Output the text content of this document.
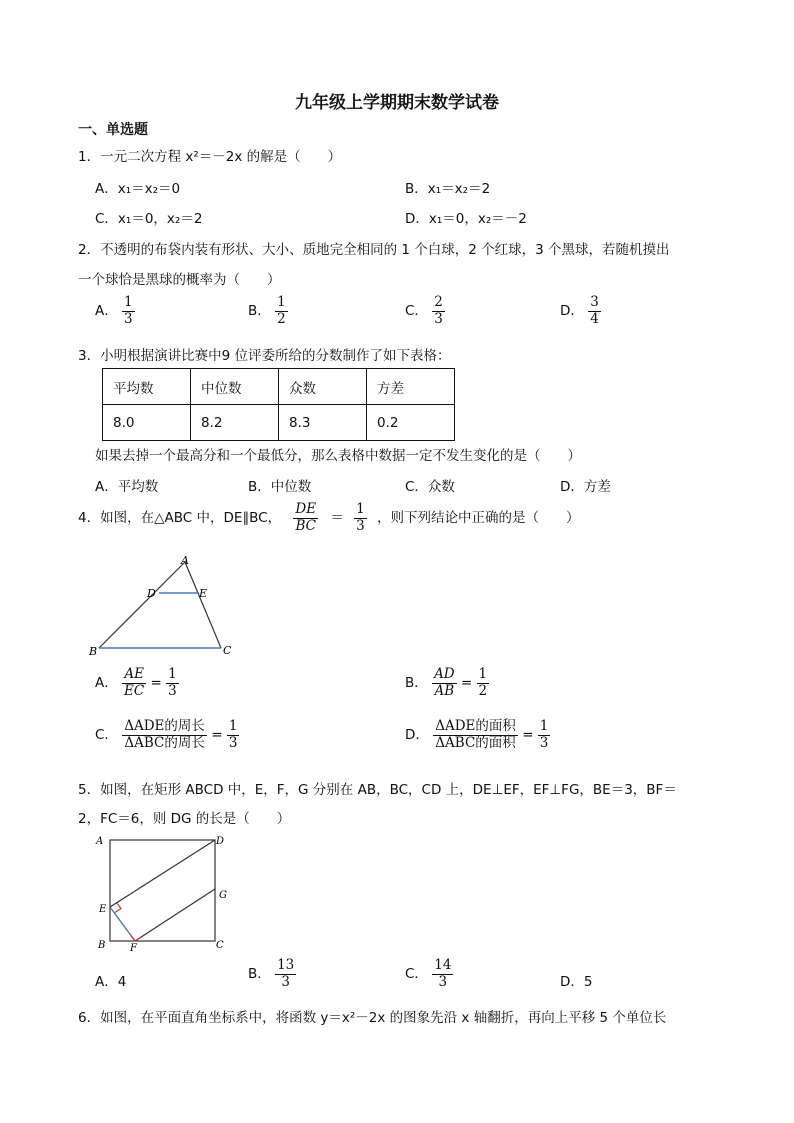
九年级上学期期末数学试卷
一、单选题
1．一元二次方程 x²＝－2x 的解是（　　）
A．x₁＝x₂＝0	B．x₁＝x₂＝2
C．x₁＝0，x₂＝2	D．x₁＝0，x₂＝－2
2．不透明的布袋内装有形状、大小、质地完全相同的 1 个白球，2 个红球，3 个黑球，若随机摸出
一个球恰是黑球的概率为（　　）
A． $\frac{1}{3}$	B． $\frac{1}{2}$	C． $\frac{2}{3}$	D． $\frac{3}{4}$
3．小明根据演讲比赛中9 位评委所给的分数制作了如下表格：
平均数	中位数	众数	方差
8.0	8.2	8.3	0.2
如果去掉一个最高分和一个最低分，那么表格中数据一定不发生变化的是（　　）
A．平均数	B．中位数	C．众数	D．方差
4．如图，在△ABC 中，DE∥BC， $\frac{DE}{BC} = \frac{1}{3}$ ，则下列结论中正确的是（　　）
A
D	E
B	C
A． $\frac{AE}{EC} = \frac{1}{3}$	B． $\frac{AD}{AB} = \frac{1}{2}$
C． $\frac{\text{ΔADE的周长}}{\text{ΔABC的周长}} = \frac{1}{3}$	D． $\frac{\text{ΔADE的面积}}{\text{ΔABC的面积}} = \frac{1}{3}$
5．如图，在矩形 ABCD 中，E，F，G 分别在 AB，BC，CD 上，DE⊥EF，EF⊥FG，BE＝3，BF＝
2，FC＝6，则 DG 的长是（　　）
A	D
E
G
B F	C
A．4	B． $\frac{13}{3}$	C． $\frac{14}{3}$	D．5
6．如图，在平面直角坐标系中，将函数 y＝x²－2x 的图象先沿 x 轴翻折，再向上平移 5 个单位长
